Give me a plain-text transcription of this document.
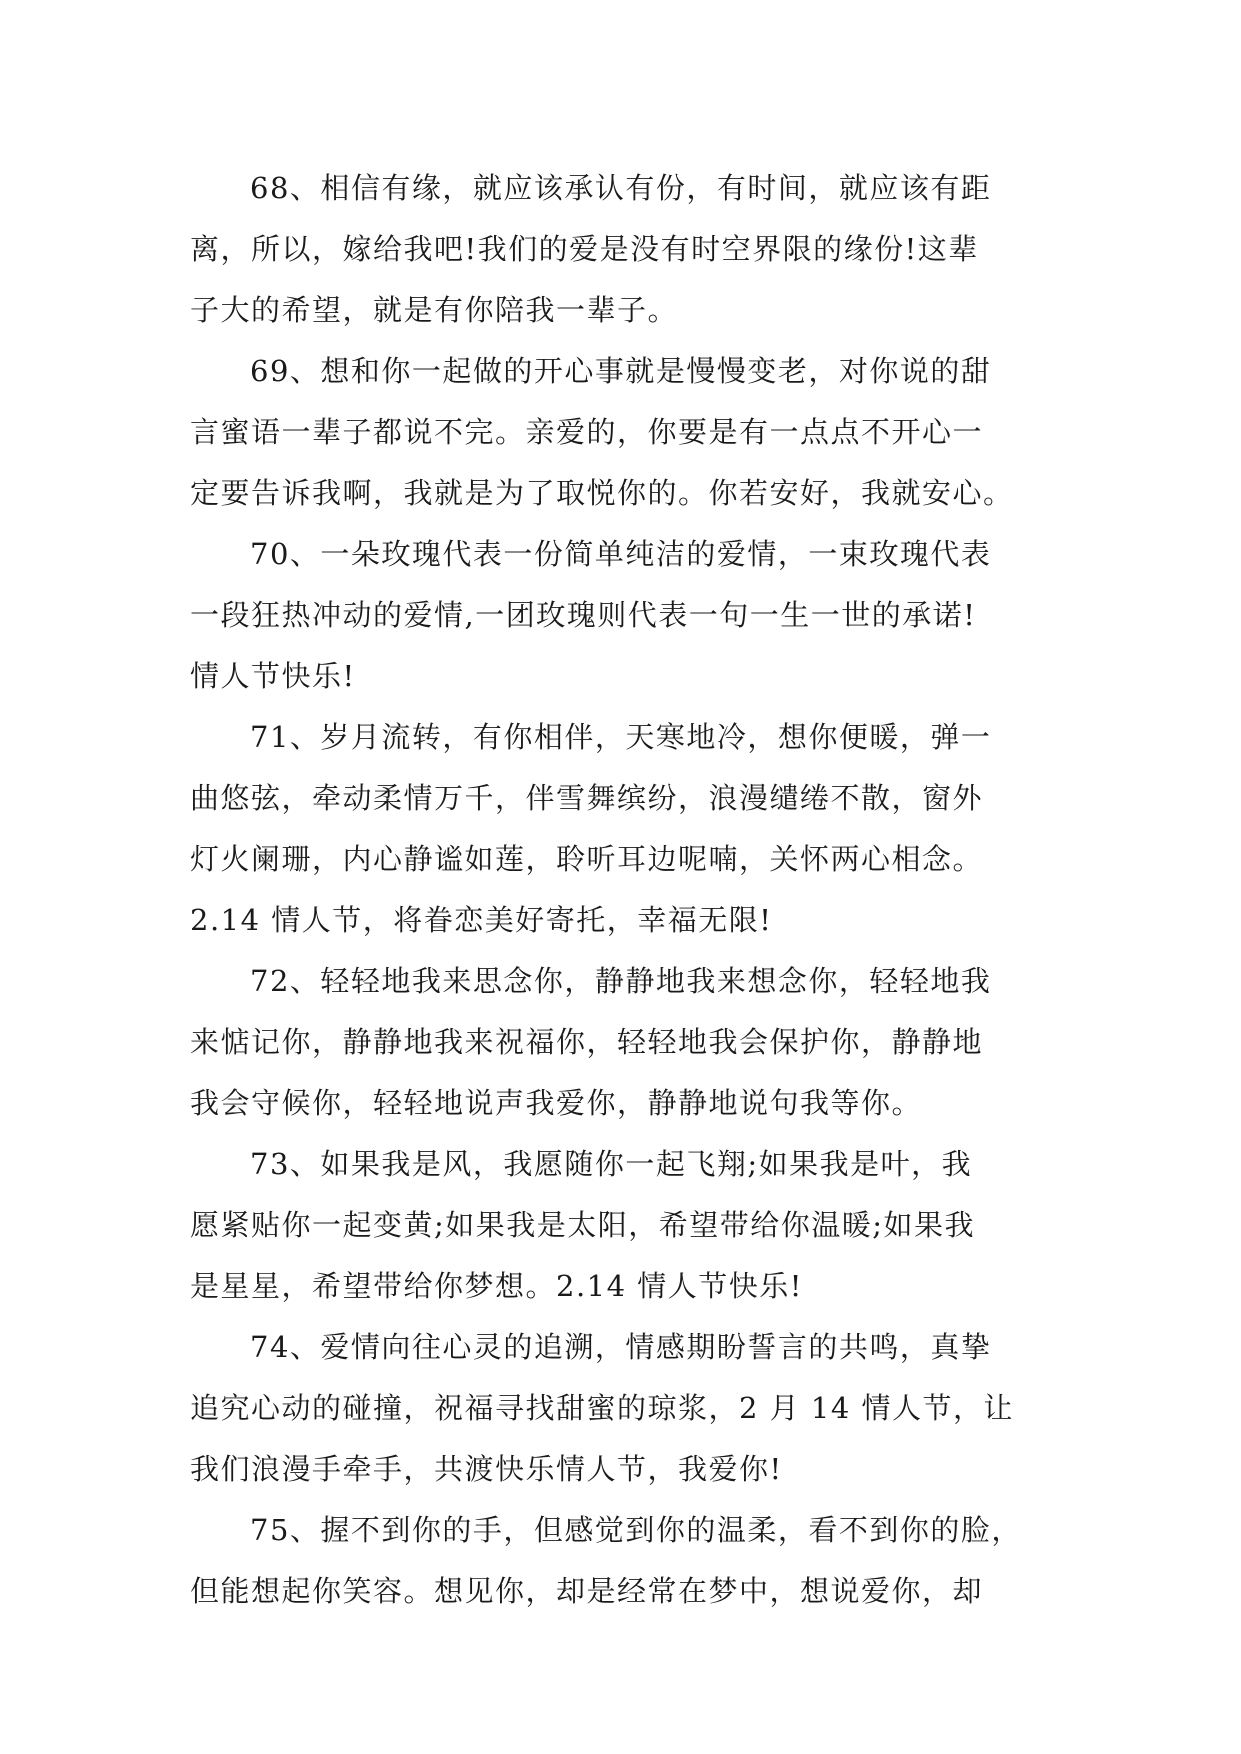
68、相信有缘，就应该承认有份，有时间，就应该有距
离，所以，嫁给我吧!我们的爱是没有时空界限的缘份!这辈
子大的希望，就是有你陪我一辈子。
69、想和你一起做的开心事就是慢慢变老，对你说的甜
言蜜语一辈子都说不完。亲爱的，你要是有一点点不开心一
定要告诉我啊，我就是为了取悦你的。你若安好，我就安心。
70、一朵玫瑰代表一份简单纯洁的爱情，一束玫瑰代表
一段狂热冲动的爱情,一团玫瑰则代表一句一生一世的承诺!
情人节快乐!
71、岁月流转，有你相伴，天寒地冷，想你便暖，弹一
曲悠弦，牵动柔情万千，伴雪舞缤纷，浪漫缱绻不散，窗外
灯火阑珊，内心静谧如莲，聆听耳边呢喃，关怀两心相念。
2.14 情人节，将眷恋美好寄托，幸福无限!
72、轻轻地我来思念你，静静地我来想念你，轻轻地我
来惦记你，静静地我来祝福你，轻轻地我会保护你，静静地
我会守候你，轻轻地说声我爱你，静静地说句我等你。
73、如果我是风，我愿随你一起飞翔;如果我是叶，我
愿紧贴你一起变黄;如果我是太阳，希望带给你温暖;如果我
是星星，希望带给你梦想。2.14 情人节快乐!
74、爱情向往心灵的追溯，情感期盼誓言的共鸣，真挚
追究心动的碰撞，祝福寻找甜蜜的琼浆，2 月 14 情人节，让
我们浪漫手牵手，共渡快乐情人节，我爱你!
75、握不到你的手，但感觉到你的温柔，看不到你的脸，
但能想起你笑容。想见你，却是经常在梦中，想说爱你，却
